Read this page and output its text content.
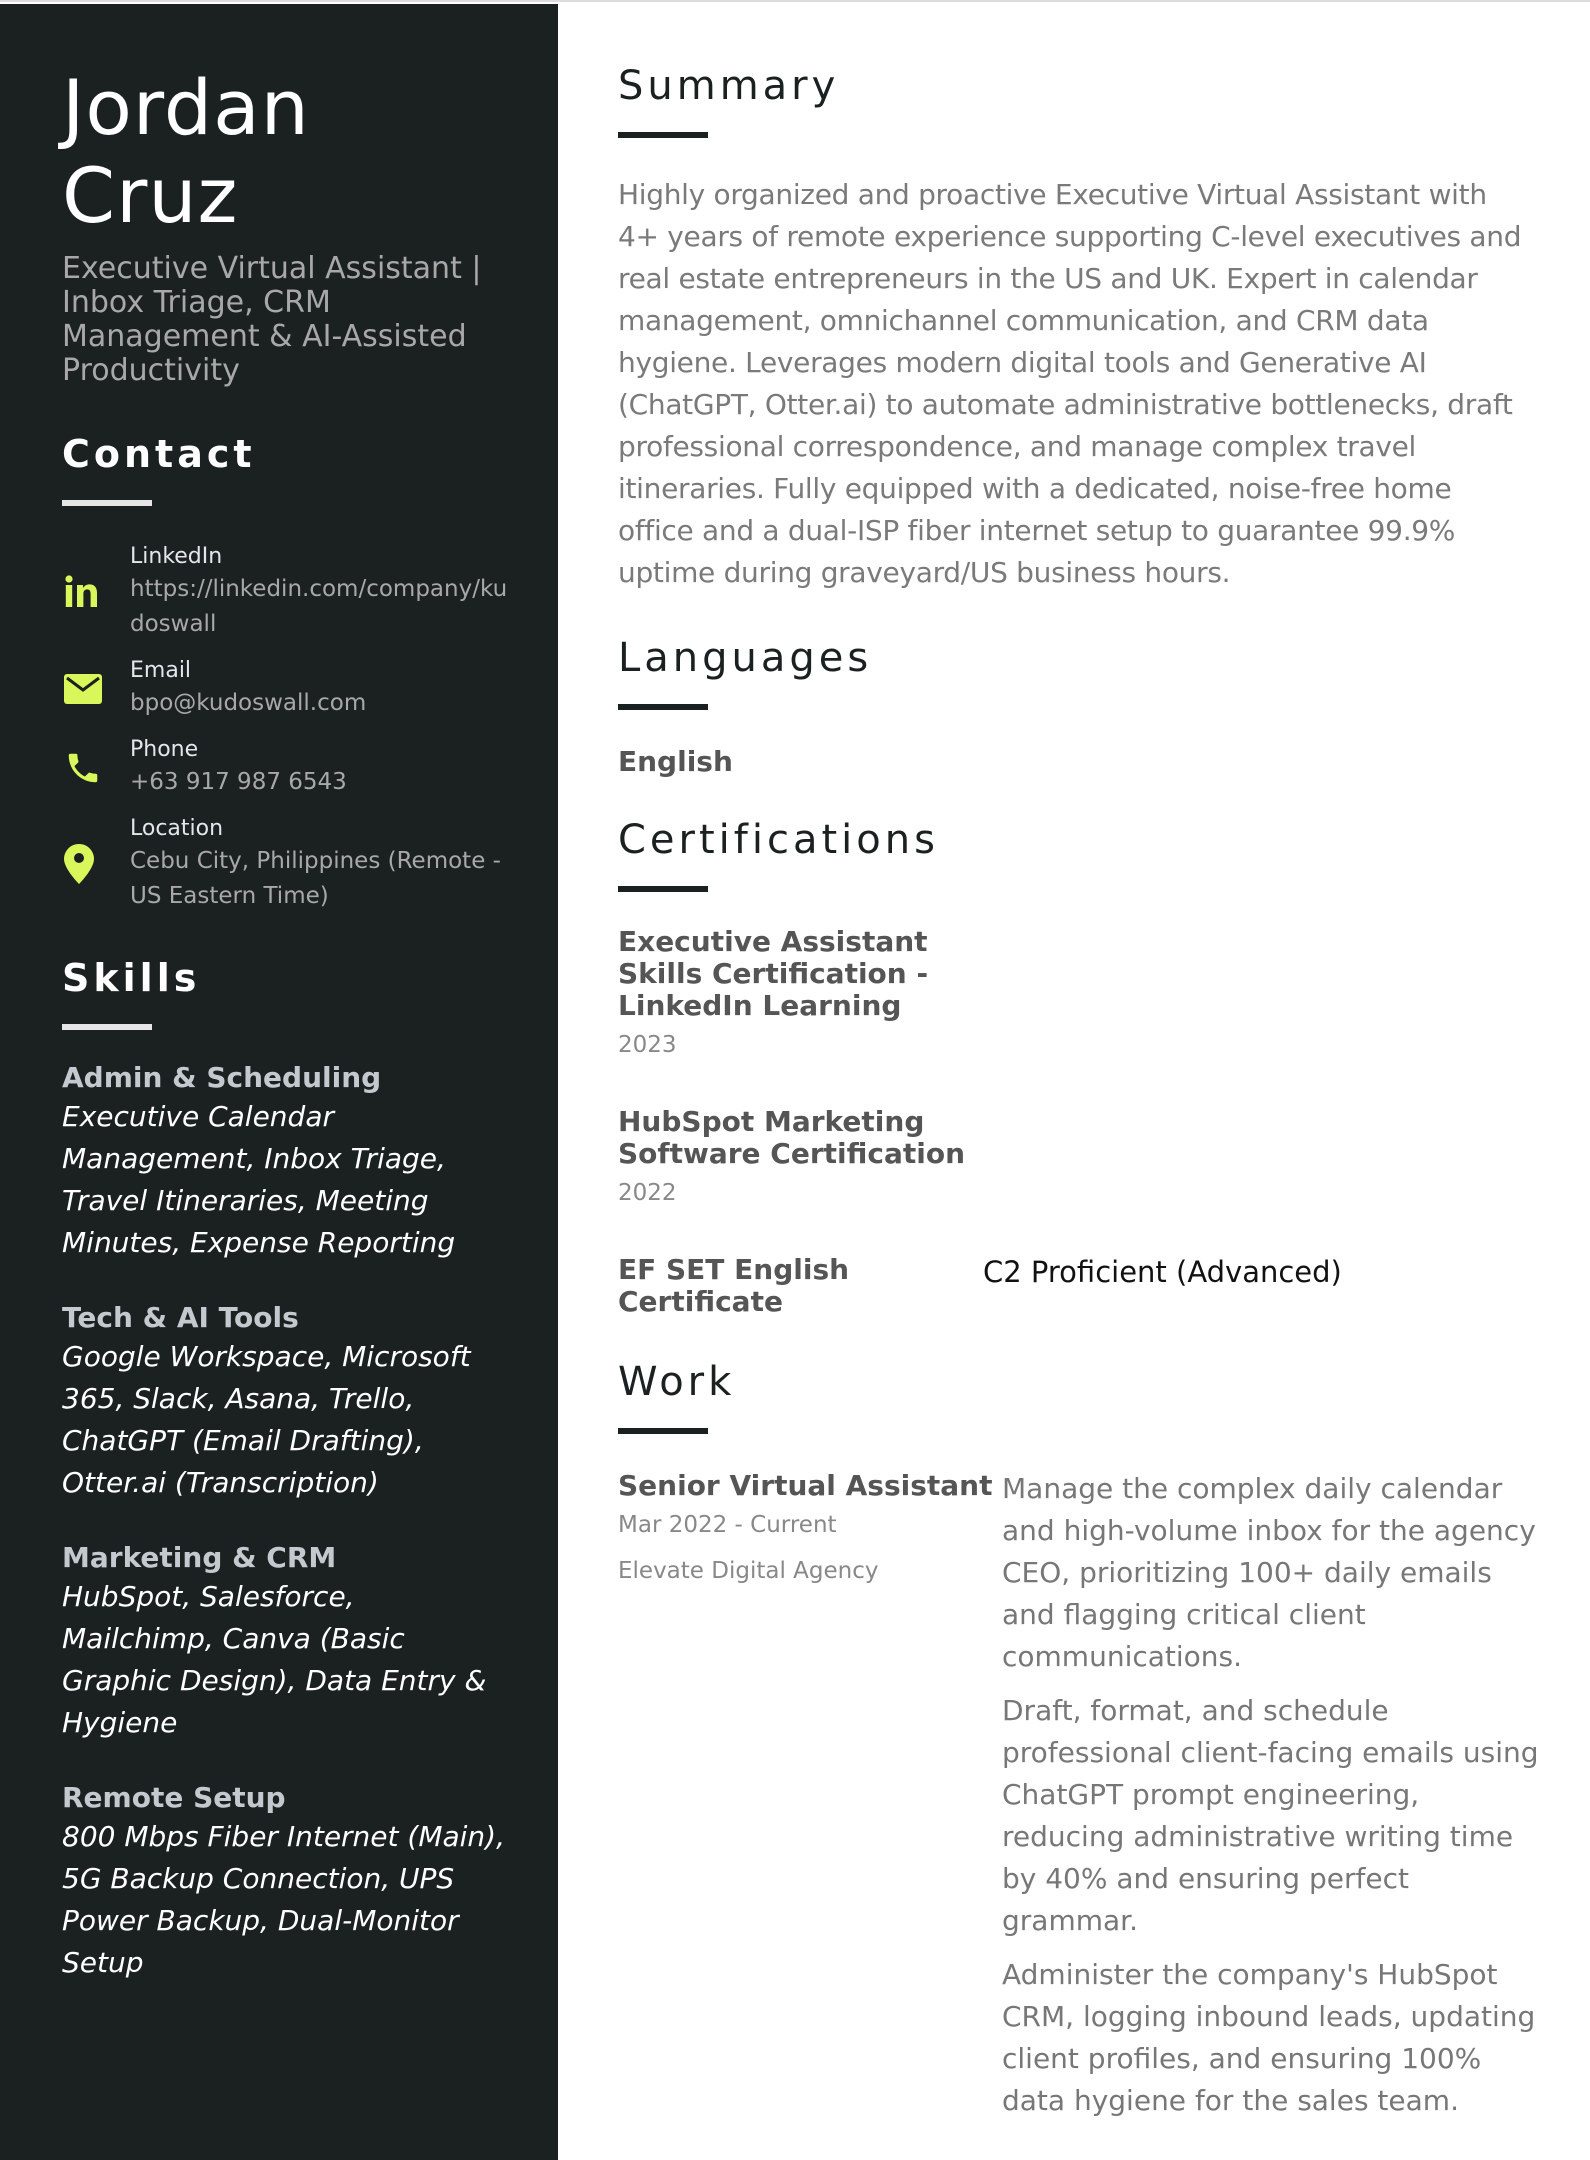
Jordan
Cruz
Executive Virtual Assistant | Inbox Triage, CRM Management & AI-Assisted Productivity
Contact
LinkedIn
https://linkedin.com/company/kudoswall
Email
bpo@kudoswall.com
Phone
+63 917 987 6543
Location
Cebu City, Philippines (Remote - US Eastern Time)
Skills
Admin & Scheduling
Executive Calendar Management, Inbox Triage, Travel Itineraries, Meeting Minutes, Expense Reporting
Tech & AI Tools
Google Workspace, Microsoft 365, Slack, Asana, Trello, ChatGPT (Email Drafting), Otter.ai (Transcription)
Marketing & CRM
HubSpot, Salesforce, Mailchimp, Canva (Basic Graphic Design), Data Entry & Hygiene
Remote Setup
800 Mbps Fiber Internet (Main), 5G Backup Connection, UPS Power Backup, Dual-Monitor Setup
Summary

Highly organized and proactive Executive Virtual Assistant with 4+ years of remote experience supporting C-level executives and real estate entrepreneurs in the US and UK. Expert in calendar management, omnichannel communication, and CRM data hygiene. Leverages modern digital tools and Generative AI (ChatGPT, Otter.ai) to automate administrative bottlenecks, draft professional correspondence, and manage complex travel itineraries. Fully equipped with a dedicated, noise-free home office and a dual-ISP fiber internet setup to guarantee 99.9% uptime during graveyard/US business hours.

Languages
English
Certifications
Executive Assistant Skills Certification - LinkedIn Learning
2023
HubSpot Marketing Software Certification
2022
EF SET English Certificate
C2 Proficient (Advanced)
Work
Senior Virtual Assistant
Mar 2022 - Current
Elevate Digital Agency
Manage the complex daily calendar and high-volume inbox for the agency CEO, prioritizing 100+ daily emails and flagging critical client communications.
Draft, format, and schedule professional client-facing emails using ChatGPT prompt engineering, reducing administrative writing time by 40% and ensuring perfect grammar.
Administer the company's HubSpot CRM, logging inbound leads, updating client profiles, and ensuring 100% data hygiene for the sales team.
